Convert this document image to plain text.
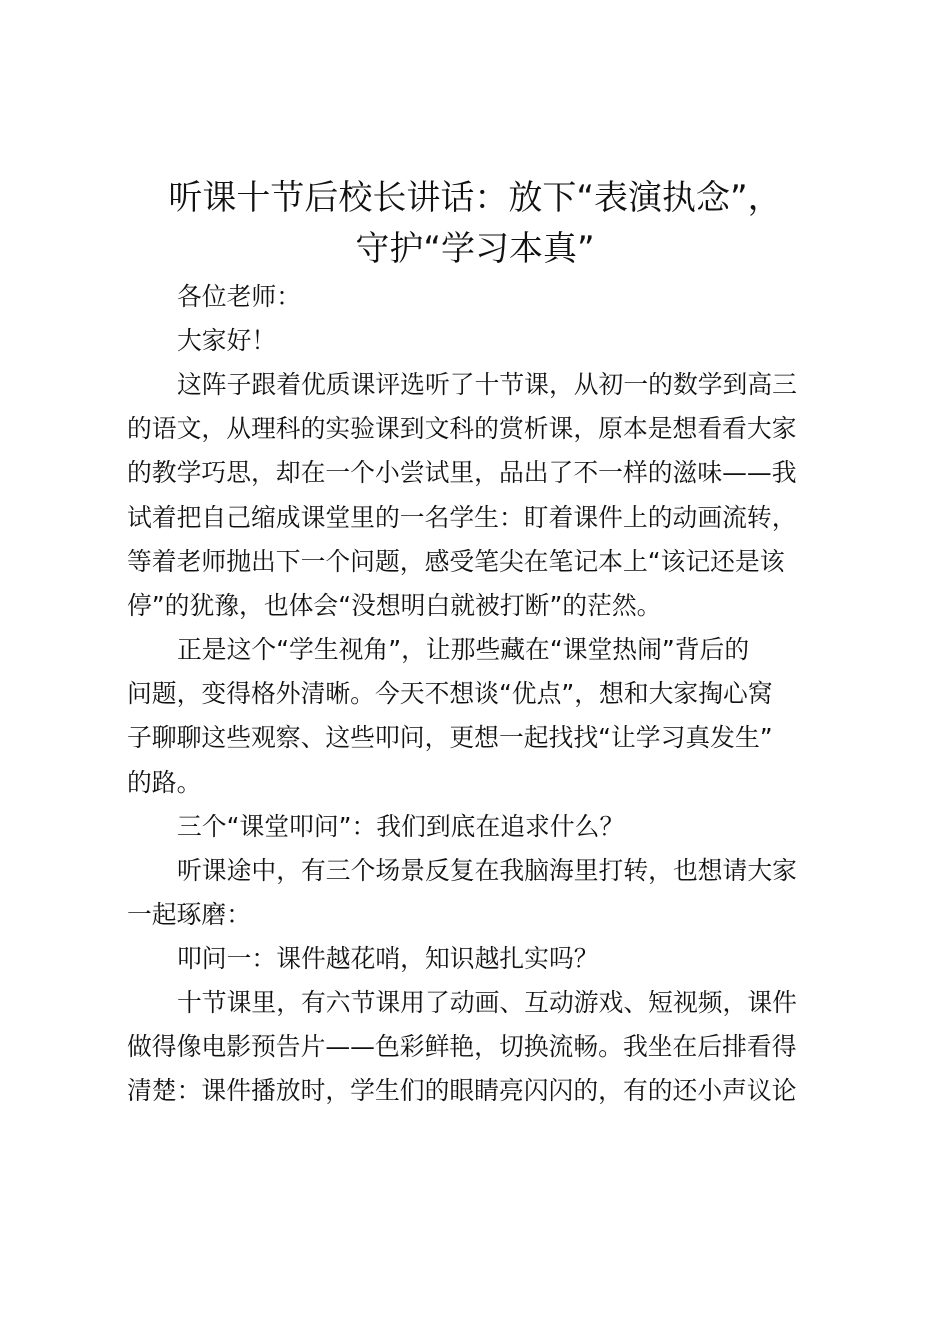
听课十节后校长讲话：放下“表演执念”，
守护“学习本真”
各位老师：
大家好！
这阵子跟着优质课评选听了十节课，从初一的数学到高三
的语文，从理科的实验课到文科的赏析课，原本是想看看大家
的教学巧思，却在一个小尝试里，品出了不一样的滋味——我
试着把自己缩成课堂里的一名学生：盯着课件上的动画流转，
等着老师抛出下一个问题，感受笔尖在笔记本上“该记还是该
停”的犹豫，也体会“没想明白就被打断”的茫然。
正是这个“学生视角”，让那些藏在“课堂热闹”背后的
问题，变得格外清晰。今天不想谈“优点”，想和大家掏心窝
子聊聊这些观察、这些叩问，更想一起找找“让学习真发生”
的路。
三个“课堂叩问”：我们到底在追求什么？
听课途中，有三个场景反复在我脑海里打转，也想请大家
一起琢磨：
叩问一：课件越花哨，知识越扎实吗？
十节课里，有六节课用了动画、互动游戏、短视频，课件
做得像电影预告片——色彩鲜艳，切换流畅。我坐在后排看得
清楚：课件播放时，学生们的眼睛亮闪闪的，有的还小声议论
